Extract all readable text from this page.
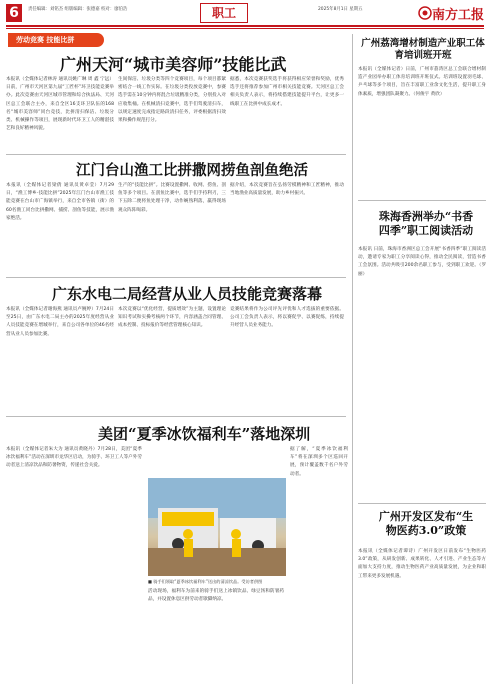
6	责任编辑：刘铭杰 组版编辑：张德嘉 校对：廖伯浩	职工	2025年8月1日 星期五	南方工报
劳动竞赛 技能比拼
广州天河“城市美容师”技能比武
本报讯（全媒体记者林涛 通讯员姚广琳 周 鑫 宁远）日前，广州市天河区第九届“工匠杯”环卫技能竞赛举办。此次竞赛由天河区城市管理和综合执法局、天河区总工会联合主办，来自全区16支环卫队伍的168名“城市美容师”同台竞技，比拼清扫保洁、垃圾分类、机械操作等项目，展现新时代环卫工人的精湛技艺和良好精神风貌。
生间保洁、垃圾分类等四个竞赛项目，每个项目都紧密结合一线工作实际。在垃圾分类投放竞赛中，参赛选手需在10分钟内将混合垃圾精准分类，分别投入对应收集桶。在机械清扫竞赛中，选手们驾驶清扫车，以规定速度完成指定路段清扫任务，评委根据清扫效果和操作规范打分。
据悉，本次竞赛获奖选手将获得相应荣誉和奖励，优秀选手还将推荐参加广州市相关技能竞赛。天河区总工会相关负责人表示，将持续搭建技能提升平台，让更多一线职工在比拼中成长成才。
江门台山渔工比拼撒网捞鱼剖鱼绝活
本报讯（全媒体记者梁倩 通讯员黄卓莹）7月29日，“渔工博乡·技能比拼”2025年江门台山市渔工技能竞赛在台山市广海镇举行，来自全市各镇（街）的60名渔工同台比拼撒网、捕捞、剖鱼等技能，展示渔家绝活。
生产的“技能比拼”。比赛设置撒网、收网、捞鱼、剖鱼等多个项目。在剖鱼比赛中，选手们手持利刃，三下五除二便将鱼处理干净，动作娴熟利落，赢得现场观众阵阵喝彩。
据介绍，本次竞赛旨在弘扬劳模精神和工匠精神，推动当地渔业高质量发展，助力乡村振兴。
广东水电二局经营从业人员技能竞赛落幕
本报讯（全媒体记者谢海燕 通讯员卢婉婷）7月24日至25日，由广东水电二局主办的2025年度经营从业人员技能竞赛在增城举行，来自公司各单位的46名经营从业人员参加比赛。
本次竞赛以“优化经营，提质增效”为主题，设置理论知识考试和实操考核两个环节，内容涵盖合同管理、成本控制、投标报价等经营管理核心知识。
竞赛结果将作为公司评先评优和人才选拔的重要依据。公司工会负责人表示，将以赛促学、以赛促练，持续提升经营人员业务能力。
美团“夏季冰饮福利车”落地深圳
本报讯（全媒体记者朱大为 通讯员黄晓丹）7月28日，美团“夏季冰饮福利车”活动在深圳市龙华区启动，为骑手、环卫工人等户外劳动者送上清凉饮品和防暑物资，传递社会关爱。
■ 骑手们领取“夏季冰饮福利车”送出的清凉饮品。受访者供图
活动现场，福利车为前来的骑手们送上冰镇饮品、绿豆汤和防暑药品，并设置休息区供劳动者歇脚纳凉。
据了解，“夏季冰饮福利车”将在深圳多个区巡回开展，预计覆盖数千名户外劳动者。
广州荔湾增材制造产业职工体育培训班开班
本报讯（全媒体记者）日前，广州市荔湾区总工会联合增材制造产业园举办职工体育培训班开班仪式。培训班设置羽毛球、乒乓球等多个项目，旨在丰富职工业余文化生活，提升职工身体素质，增强团队凝聚力。（何俊宇 黄欣）
珠海香洲举办“书香四季”职工阅读活动
本报讯 日前，珠海市香洲区总工会开展“书香四季”职工阅读活动，邀请专家为职工分享阅读心得，推动全民阅读，营造书香工会氛围。活动共吸引200余名职工参与，受到职工欢迎。（罗丽）
广州开发区发布“生物医药3.0”政策
本报讯（全媒体记者谭诗）广州开发区日前发布“生物医药3.0”政策，从研发创新、成果转化、人才引进、产业生态等方面加大支持力度，推动生物医药产业高质量发展，为企业和职工带来更多发展机遇。
